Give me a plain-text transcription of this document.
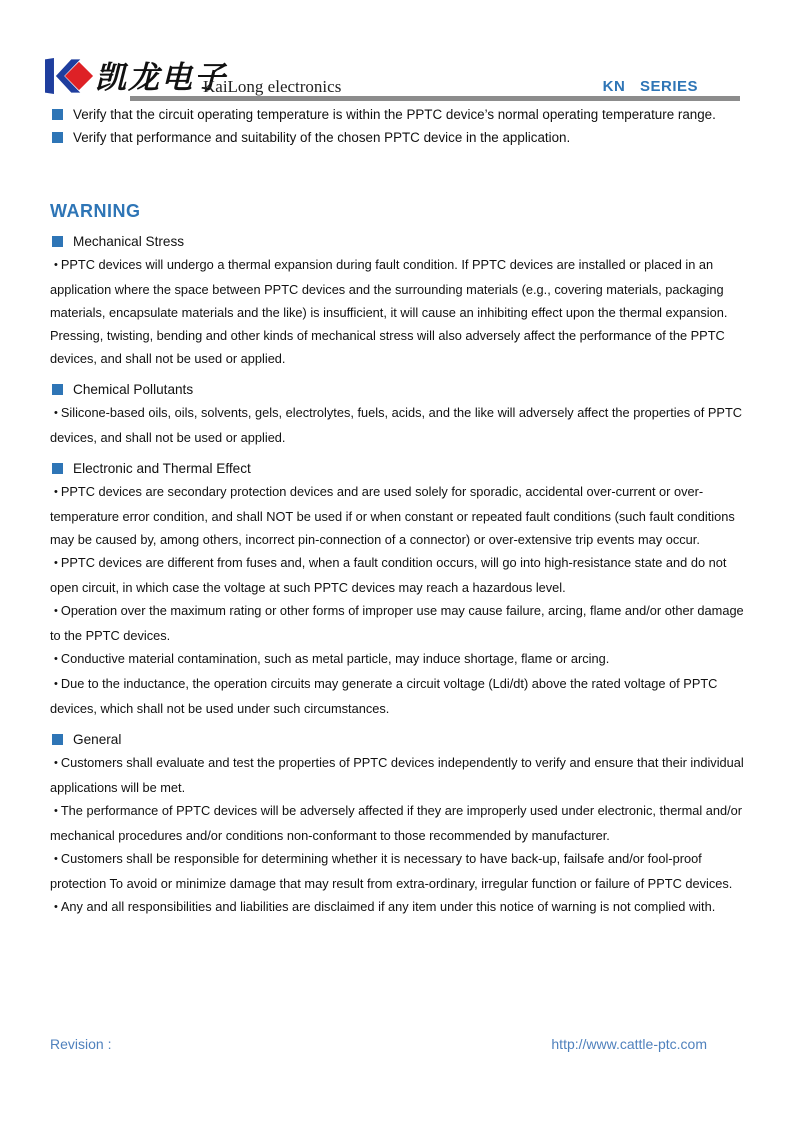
凯龙电子
KaiLong electronics	KN SERIES
Verify that the circuit operating temperature is within the PPTC device’s normal operating temperature range.
Verify that performance and suitability of the chosen PPTC device in the application.
WARNING
Mechanical Stress

• PPTC devices will undergo a thermal expansion during fault condition. If PPTC devices are installed or placed in an application where the space between PPTC devices and the surrounding materials (e.g., covering materials, packaging materials, encapsulate materials and the like) is insufficient, it will cause an inhibiting effect upon the thermal expansion. Pressing, twisting, bending and other kinds of mechanical stress will also adversely affect the performance of the PPTC devices, and shall not be used or applied.

Chemical Pollutants

• Silicone-based oils, oils, solvents, gels, electrolytes, fuels, acids, and the like will adversely affect the properties of PPTC devices, and shall not be used or applied.

Electronic and Thermal Effect

• PPTC devices are secondary protection devices and are used solely for sporadic, accidental over-current or over-temperature error condition, and shall NOT be used if or when constant or repeated fault conditions (such fault conditions may be caused by, among others, incorrect pin-connection of a connector) or over-extensive trip events may occur.

• PPTC devices are different from fuses and, when a fault condition occurs, will go into high-resistance state and do not open circuit, in which case the voltage at such PPTC devices may reach a hazardous level.

• Operation over the maximum rating or other forms of improper use may cause failure, arcing, flame and/or other damage to the PPTC devices.

• Conductive material contamination, such as metal particle, may induce shortage, flame or arcing.

• Due to the inductance, the operation circuits may generate a circuit voltage (Ldi/dt) above the rated voltage of PPTC devices, which shall not be used under such circumstances.

General

• Customers shall evaluate and test the properties of PPTC devices independently to verify and ensure that their individual applications will be met.

• The performance of PPTC devices will be adversely affected if they are improperly used under electronic, thermal and/or mechanical procedures and/or conditions non-conformant to those recommended by manufacturer.

• Customers shall be responsible for determining whether it is necessary to have back-up, failsafe and/or fool-proof protection To avoid or minimize damage that may result from extra-ordinary, irregular function or failure of PPTC devices.

• Any and all responsibilities and liabilities are disclaimed if any item under this notice of warning is not complied with.

Revision :	http://www.cattle-ptc.com
